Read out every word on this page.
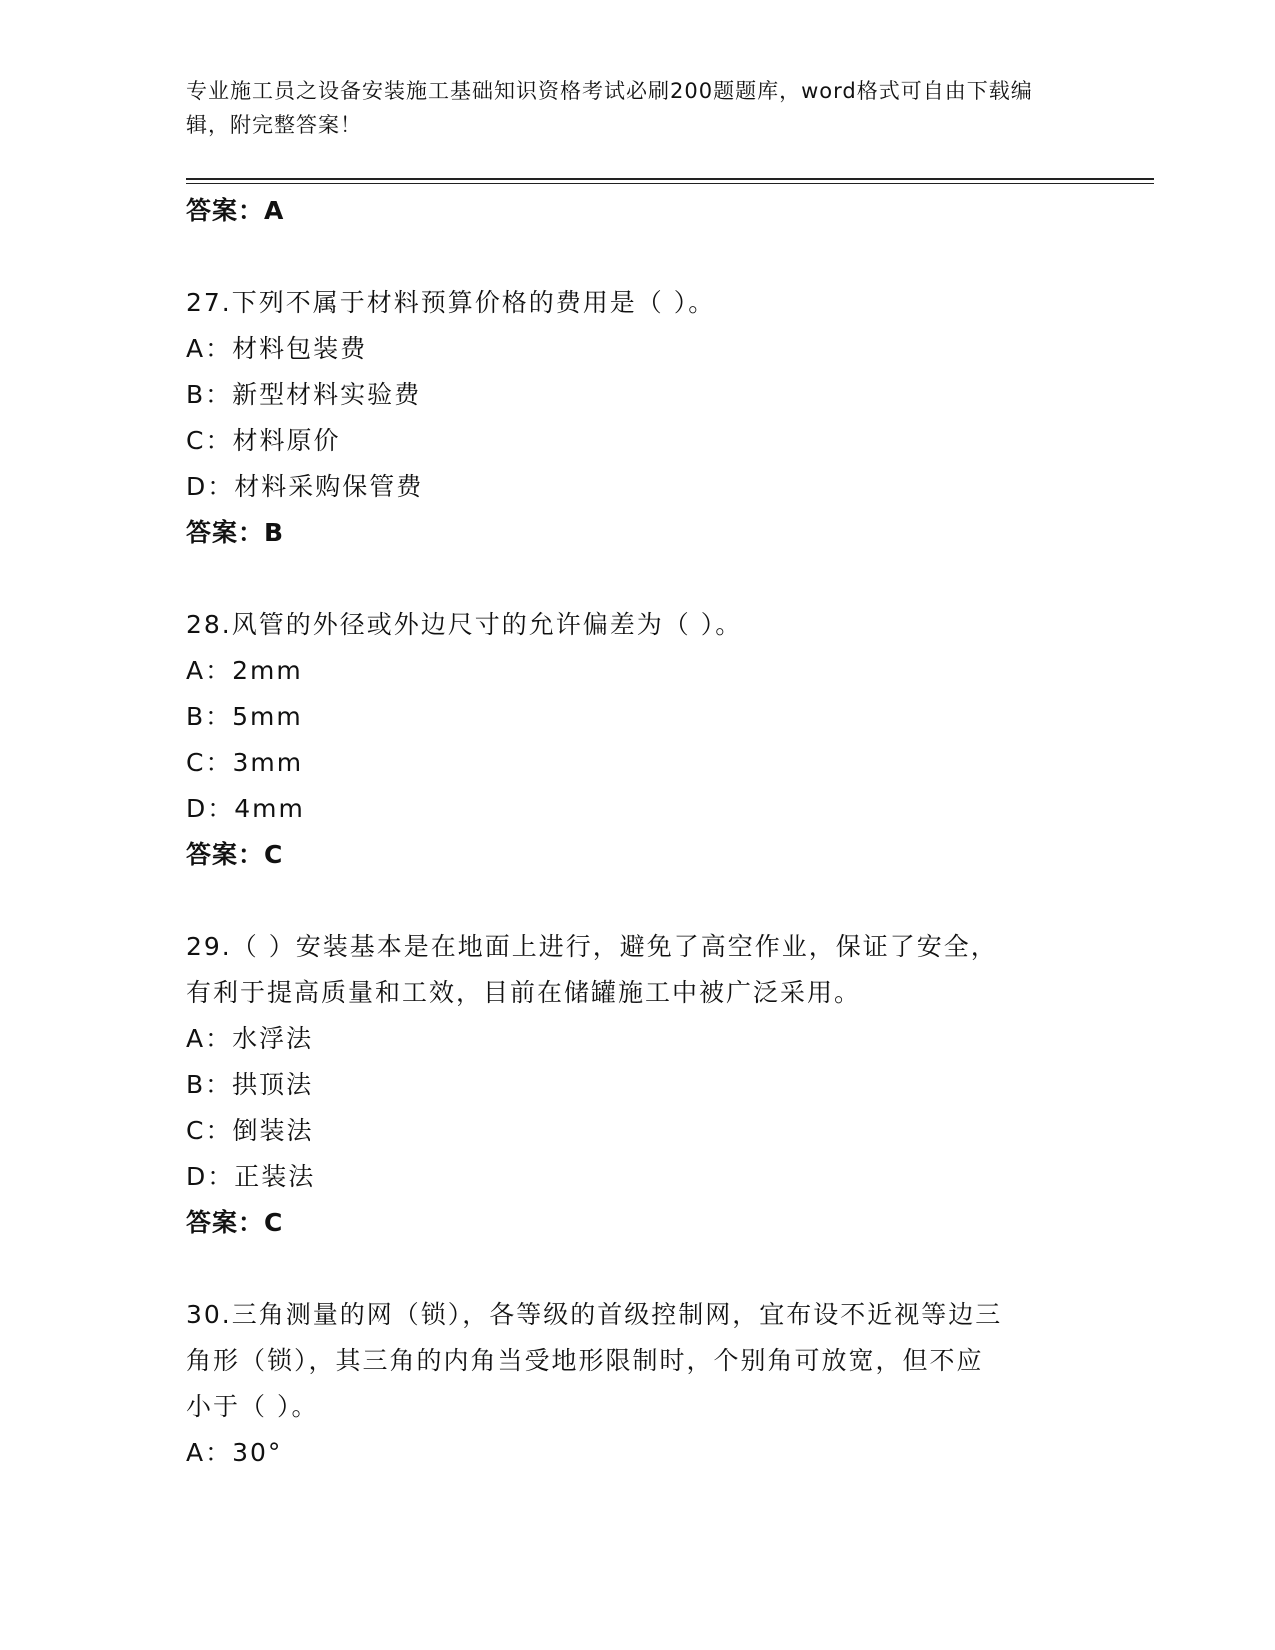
专业施工员之设备安装施工基础知识资格考试必刷200题题库，word格式可自由下载编辑，附完整答案！
答案：A
27.下列不属于材料预算价格的费用是（ ）。
A：材料包装费
B：新型材料实验费
C：材料原价
D：材料采购保管费
答案：B
28.风管的外径或外边尺寸的允许偏差为（ ）。
A：2mm
B：5mm
C：3mm
D：4mm
答案：C
29.（ ）安装基本是在地面上进行，避免了高空作业，保证了安全，
有利于提高质量和工效，目前在储罐施工中被广泛采用。
A：水浮法
B：拱顶法
C：倒装法
D：正装法
答案：C
30.三角测量的网（锁），各等级的首级控制网，宜布设不近视等边三
角形（锁），其三角的内角当受地形限制时，个别角可放宽，但不应
小于（ ）。
A：30°
